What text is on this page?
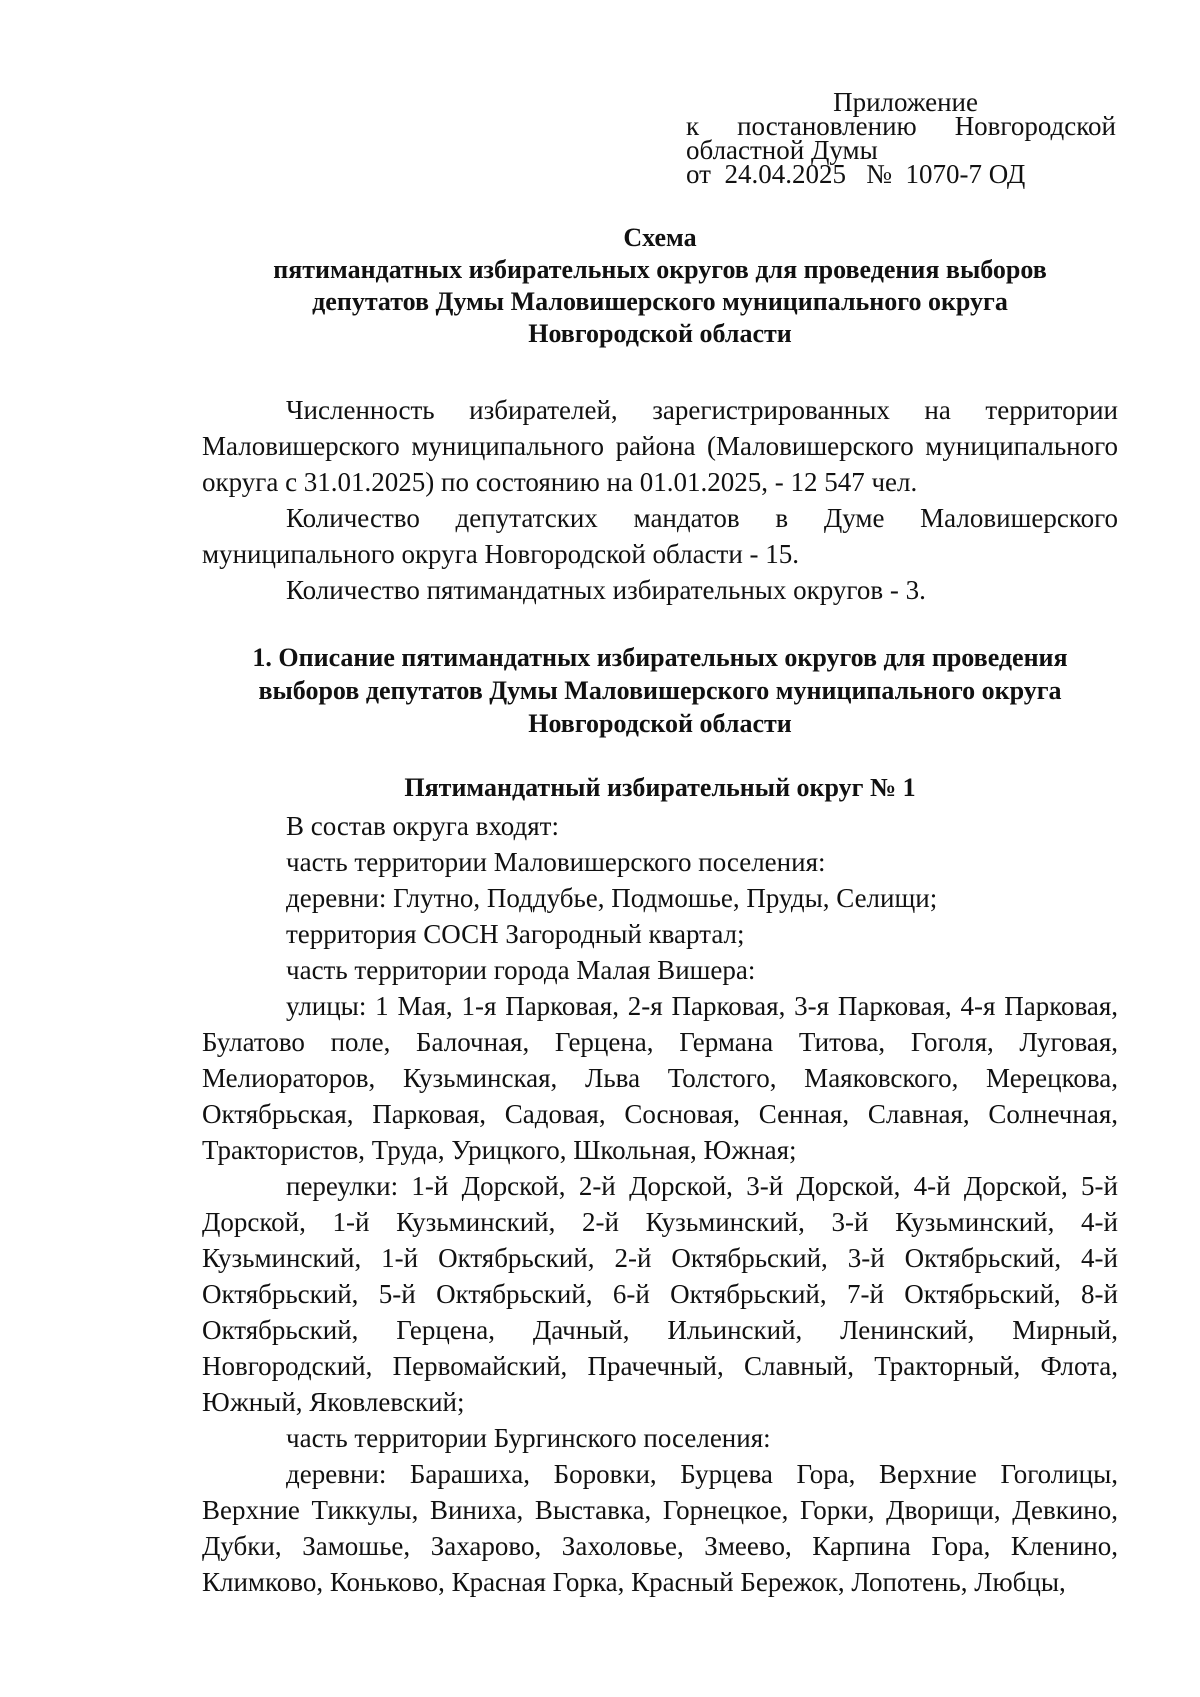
Приложение
к постановлению Новгородской
областной Думы
от  24.04.2025   №  1070-7 ОД
Схема
пятимандатных избирательных округов для проведения выборов
депутатов Думы Маловишерского муниципального округа
Новгородской области

Численность избирателей, зарегистрированных на территории Маловишерского муниципального района (Маловишерского муниципального округа с 31.01.2025) по состоянию на 01.01.2025, - 12 547 чел.

Количество депутатских мандатов в Думе Маловишерского муниципального округа Новгородской области - 15.

Количество пятимандатных избирательных округов - 3.

1. Описание пятимандатных избирательных округов для проведения
выборов депутатов Думы Маловишерского муниципального округа
Новгородской области
Пятимандатный избирательный округ № 1

В состав округа входят:

часть территории Маловишерского поселения:

деревни: Глутно, Поддубье, Подмошье, Пруды, Селищи;

территория СОСН Загородный квартал;

часть территории города Малая Вишера:

улицы: 1 Мая, 1-я Парковая, 2-я Парковая, 3-я Парковая, 4-я Парковая, Булатово поле, Балочная, Герцена, Германа Титова, Гоголя, Луговая, Мелиораторов, Кузьминская, Льва Толстого, Маяковского, Мерецкова, Октябрьская, Парковая, Садовая, Сосновая, Сенная, Славная, Солнечная, Трактористов, Труда, Урицкого, Школьная, Южная;

переулки: 1-й Дорской, 2-й Дорской, 3-й Дорской, 4-й Дорской, 5-й Дорской, 1-й Кузьминский, 2-й Кузьминский, 3-й Кузьминский, 4-й Кузьминский, 1-й Октябрьский, 2-й Октябрьский, 3-й Октябрьский, 4-й Октябрьский, 5-й Октябрьский, 6-й Октябрьский, 7-й Октябрьский, 8-й Октябрьский, Герцена, Дачный, Ильинский, Ленинский, Мирный, Новгородский, Первомайский, Прачечный, Славный, Тракторный, Флота, Южный, Яковлевский;

часть территории Бургинского поселения:

деревни: Барашиха, Боровки, Бурцева Гора, Верхние Гоголицы, Верхние Тиккулы, Виниха, Выставка, Горнецкое, Горки, Дворищи, Девкино, Дубки, Замошье, Захарово, Захоловье, Змеево, Карпина Гора, Кленино, Климково, Коньково, Красная Горка, Красный Бережок, Лопотень, Любцы,
